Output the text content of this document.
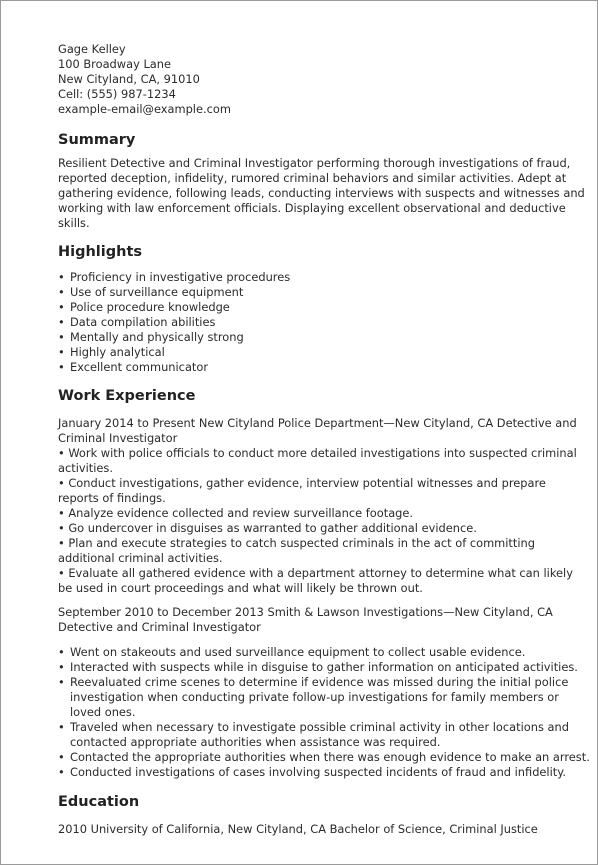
Gage Kelley
100 Broadway Lane
New Cityland, CA, 91010
Cell: (555) 987-1234
example-email@example.com
Summary

Resilient Detective and Criminal Investigator performing thorough investigations of fraud, reported deception, infidelity, rumored criminal behaviors and similar activities. Adept at gathering evidence, following leads, conducting interviews with suspects and witnesses and working with law enforcement officials. Displaying excellent observational and deductive skills.

Highlights
• Proficiency in investigative procedures
• Use of surveillance equipment
• Police procedure knowledge
• Data compilation abilities
• Mentally and physically strong
• Highly analytical
• Excellent communicator
Work Experience
January 2014 to Present New Cityland Police Department—New Cityland, CA Detective and Criminal Investigator
• Work with police officials to conduct more detailed investigations into suspected criminal activities.
• Conduct investigations, gather evidence, interview potential witnesses and prepare reports of findings.
• Analyze evidence collected and review surveillance footage.
• Go undercover in disguises as warranted to gather additional evidence.
• Plan and execute strategies to catch suspected criminals in the act of committing additional criminal activities.
• Evaluate all gathered evidence with a department attorney to determine what can likely be used in court proceedings and what will likely be thrown out.
September 2010 to December 2013 Smith & Lawson Investigations—New Cityland, CA Detective and Criminal Investigator
• Went on stakeouts and used surveillance equipment to collect usable evidence.
• Interacted with suspects while in disguise to gather information on anticipated activities.
• Reevaluated crime scenes to determine if evidence was missed during the initial police investigation when conducting private follow-up investigations for family members or loved ones.
• Traveled when necessary to investigate possible criminal activity in other locations and contacted appropriate authorities when assistance was required.
• Contacted the appropriate authorities when there was enough evidence to make an arrest.
• Conducted investigations of cases involving suspected incidents of fraud and infidelity.
Education
2010 University of California, New Cityland, CA Bachelor of Science, Criminal Justice
